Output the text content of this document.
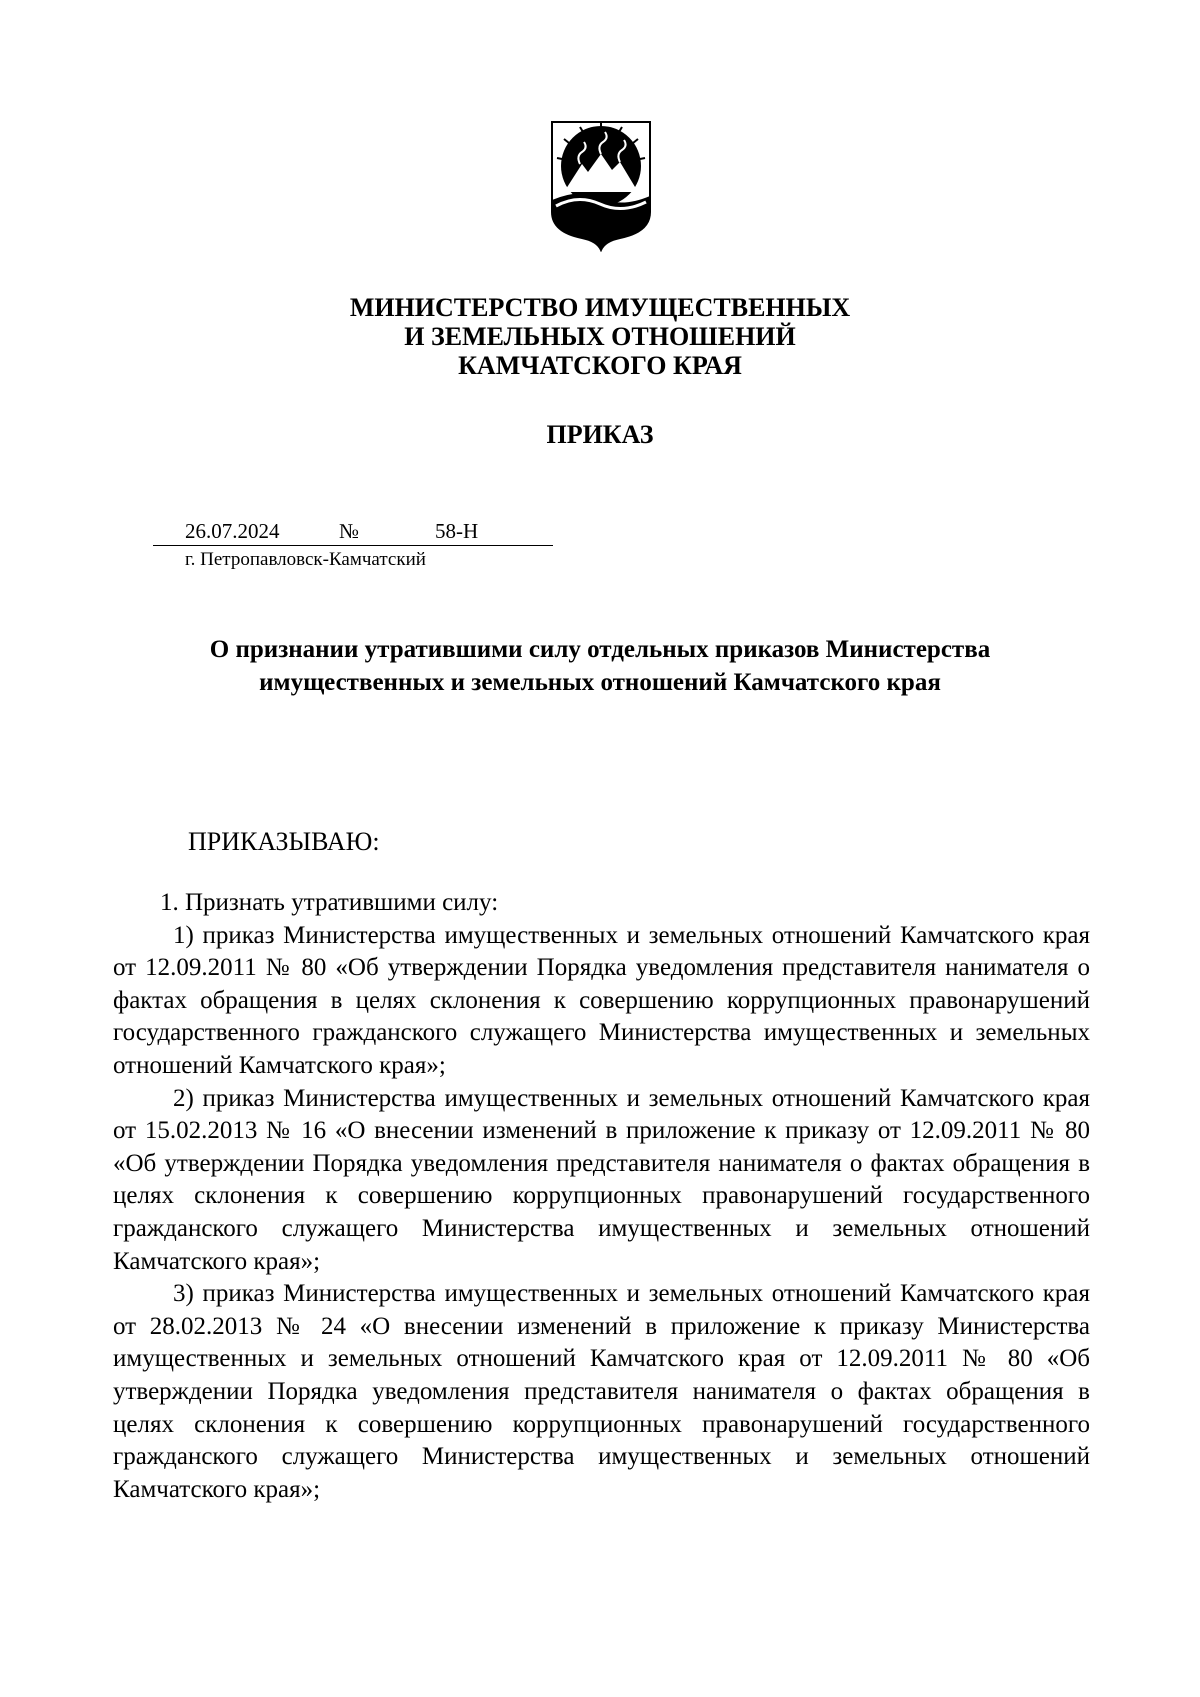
МИНИСТЕРСТВО ИМУЩЕСТВЕННЫХ
И ЗЕМЕЛЬНЫХ ОТНОШЕНИЙ
КАМЧАТСКОГО КРАЯ
ПРИКАЗ
26.07.2024	№	58-Н
г. Петропавловск-Камчатский
О признании утратившими силу отдельных приказов Министерства
имущественных и земельных отношений Камчатского края
ПРИКАЗЫВАЮ:

1. Признать утратившими силу:

1) приказ Министерства имущественных и земельных отношений Камчатского края от 12.09.2011 № 80 «Об утверждении Порядка уведомления представителя нанимателя о фактах обращения в целях склонения к совершению коррупционных правонарушений государственного гражданского служащего Министерства имущественных и земельных отношений Камчатского края»;

2) приказ Министерства имущественных и земельных отношений Камчатского края от 15.02.2013 № 16 «О внесении изменений в приложение к приказу от 12.09.2011 № 80 «Об утверждении Порядка уведомления представителя нанимателя о фактах обращения в целях склонения к совершению коррупционных правонарушений государственного гражданского служащего Министерства имущественных и земельных отношений Камчатского края»;

3) приказ Министерства имущественных и земельных отношений Камчатского края от 28.02.2013 № 24 «О внесении изменений в приложение к приказу Министерства имущественных и земельных отношений Камчатского края от 12.09.2011 № 80 «Об утверждении Порядка уведомления представителя нанимателя о фактах обращения в целях склонения к совершению коррупционных правонарушений государственного гражданского служащего Министерства имущественных и земельных отношений Камчатского края»;
